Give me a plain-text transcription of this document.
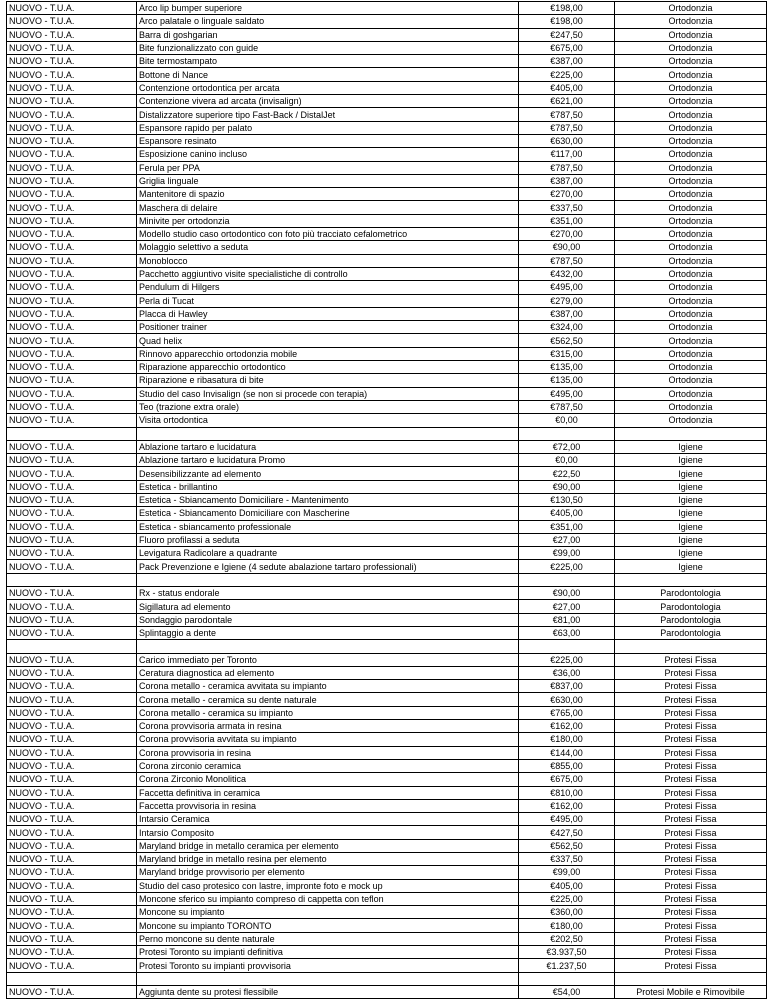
NUOVO - T.U.A.	Arco lip bumper superiore	€198,00	Ortodonzia
NUOVO - T.U.A.	Arco palatale o linguale saldato	€198,00	Ortodonzia
NUOVO - T.U.A.	Barra di goshgarian	€247,50	Ortodonzia
NUOVO - T.U.A.	Bite funzionalizzato con guide	€675,00	Ortodonzia
NUOVO - T.U.A.	Bite termostampato	€387,00	Ortodonzia
NUOVO - T.U.A.	Bottone di Nance	€225,00	Ortodonzia
NUOVO - T.U.A.	Contenzione ortodontica per arcata	€405,00	Ortodonzia
NUOVO - T.U.A.	Contenzione vivera ad arcata (invisalign)	€621,00	Ortodonzia
NUOVO - T.U.A.	Distalizzatore superiore tipo Fast-Back / DistalJet	€787,50	Ortodonzia
NUOVO - T.U.A.	Espansore rapido per palato	€787,50	Ortodonzia
NUOVO - T.U.A.	Espansore resinato	€630,00	Ortodonzia
NUOVO - T.U.A.	Esposizione canino incluso	€117,00	Ortodonzia
NUOVO - T.U.A.	Ferula per PPA	€787,50	Ortodonzia
NUOVO - T.U.A.	Griglia linguale	€387,00	Ortodonzia
NUOVO - T.U.A.	Mantenitore di spazio	€270,00	Ortodonzia
NUOVO - T.U.A.	Maschera di delaire	€337,50	Ortodonzia
NUOVO - T.U.A.	Minivite per ortodonzia	€351,00	Ortodonzia
NUOVO - T.U.A.	Modello studio caso ortodontico con foto più tracciato cefalometrico	€270,00	Ortodonzia
NUOVO - T.U.A.	Molaggio selettivo a seduta	€90,00	Ortodonzia
NUOVO - T.U.A.	Monoblocco	€787,50	Ortodonzia
NUOVO - T.U.A.	Pacchetto aggiuntivo visite specialistiche di controllo	€432,00	Ortodonzia
NUOVO - T.U.A.	Pendulum di Hilgers	€495,00	Ortodonzia
NUOVO - T.U.A.	Perla di Tucat	€279,00	Ortodonzia
NUOVO - T.U.A.	Placca di Hawley	€387,00	Ortodonzia
NUOVO - T.U.A.	Positioner trainer	€324,00	Ortodonzia
NUOVO - T.U.A.	Quad helix	€562,50	Ortodonzia
NUOVO - T.U.A.	Rinnovo apparecchio ortodonzia mobile	€315,00	Ortodonzia
NUOVO - T.U.A.	Riparazione apparecchio ortodontico	€135,00	Ortodonzia
NUOVO - T.U.A.	Riparazione e ribasatura di bite	€135,00	Ortodonzia
NUOVO - T.U.A.	Studio del caso Invisalign (se non si procede con terapia)	€495,00	Ortodonzia
NUOVO - T.U.A.	Teo (trazione extra orale)	€787,50	Ortodonzia
NUOVO - T.U.A.	Visita ortodontica	€0,00	Ortodonzia

NUOVO - T.U.A.	Ablazione tartaro e lucidatura	€72,00	Igiene
NUOVO - T.U.A.	Ablazione tartaro e lucidatura Promo	€0,00	Igiene
NUOVO - T.U.A.	Desensibilizzante ad elemento	€22,50	Igiene
NUOVO - T.U.A.	Estetica - brillantino	€90,00	Igiene
NUOVO - T.U.A.	Estetica - Sbiancamento Domiciliare - Mantenimento	€130,50	Igiene
NUOVO - T.U.A.	Estetica - Sbiancamento Domiciliare con Mascherine	€405,00	Igiene
NUOVO - T.U.A.	Estetica - sbiancamento professionale	€351,00	Igiene
NUOVO - T.U.A.	Fluoro profilassi a seduta	€27,00	Igiene
NUOVO - T.U.A.	Levigatura Radicolare a quadrante	€99,00	Igiene
NUOVO - T.U.A.	Pack Prevenzione e Igiene (4 sedute abalazione tartaro professionali)	€225,00	Igiene

NUOVO - T.U.A.	Rx - status endorale	€90,00	Parodontologia
NUOVO - T.U.A.	Sigillatura ad elemento	€27,00	Parodontologia
NUOVO - T.U.A.	Sondaggio parodontale	€81,00	Parodontologia
NUOVO - T.U.A.	Splintaggio a dente	€63,00	Parodontologia

NUOVO - T.U.A.	Carico immediato per Toronto	€225,00	Protesi Fissa
NUOVO - T.U.A.	Ceratura diagnostica ad elemento	€36,00	Protesi Fissa
NUOVO - T.U.A.	Corona metallo - ceramica avvitata su impianto	€837,00	Protesi Fissa
NUOVO - T.U.A.	Corona metallo - ceramica su dente naturale	€630,00	Protesi Fissa
NUOVO - T.U.A.	Corona metallo - ceramica su impianto	€765,00	Protesi Fissa
NUOVO - T.U.A.	Corona provvisoria armata in resina	€162,00	Protesi Fissa
NUOVO - T.U.A.	Corona provvisoria avvitata su impianto	€180,00	Protesi Fissa
NUOVO - T.U.A.	Corona provvisoria in resina	€144,00	Protesi Fissa
NUOVO - T.U.A.	Corona zirconio ceramica	€855,00	Protesi Fissa
NUOVO - T.U.A.	Corona Zirconio Monolitica	€675,00	Protesi Fissa
NUOVO - T.U.A.	Faccetta definitiva in ceramica	€810,00	Protesi Fissa
NUOVO - T.U.A.	Faccetta provvisoria in resina	€162,00	Protesi Fissa
NUOVO - T.U.A.	Intarsio Ceramica	€495,00	Protesi Fissa
NUOVO - T.U.A.	Intarsio Composito	€427,50	Protesi Fissa
NUOVO - T.U.A.	Maryland bridge in metallo ceramica per elemento	€562,50	Protesi Fissa
NUOVO - T.U.A.	Maryland bridge in metallo resina per elemento	€337,50	Protesi Fissa
NUOVO - T.U.A.	Maryland bridge provvisorio per elemento	€99,00	Protesi Fissa
NUOVO - T.U.A.	Studio del caso protesico con lastre, impronte foto e mock up	€405,00	Protesi Fissa
NUOVO - T.U.A.	Moncone sferico su impianto compreso di cappetta con teflon	€225,00	Protesi Fissa
NUOVO - T.U.A.	Moncone su impianto	€360,00	Protesi Fissa
NUOVO - T.U.A.	Moncone su impianto TORONTO	€180,00	Protesi Fissa
NUOVO - T.U.A.	Perno moncone su dente naturale	€202,50	Protesi Fissa
NUOVO - T.U.A.	Protesi Toronto su impianti definitiva	€3.937,50	Protesi Fissa
NUOVO - T.U.A.	Protesi Toronto su impianti provvisoria	€1.237,50	Protesi Fissa

NUOVO - T.U.A.	Aggiunta dente su protesi flessibile	€54,00	Protesi Mobile e Rimovibile
